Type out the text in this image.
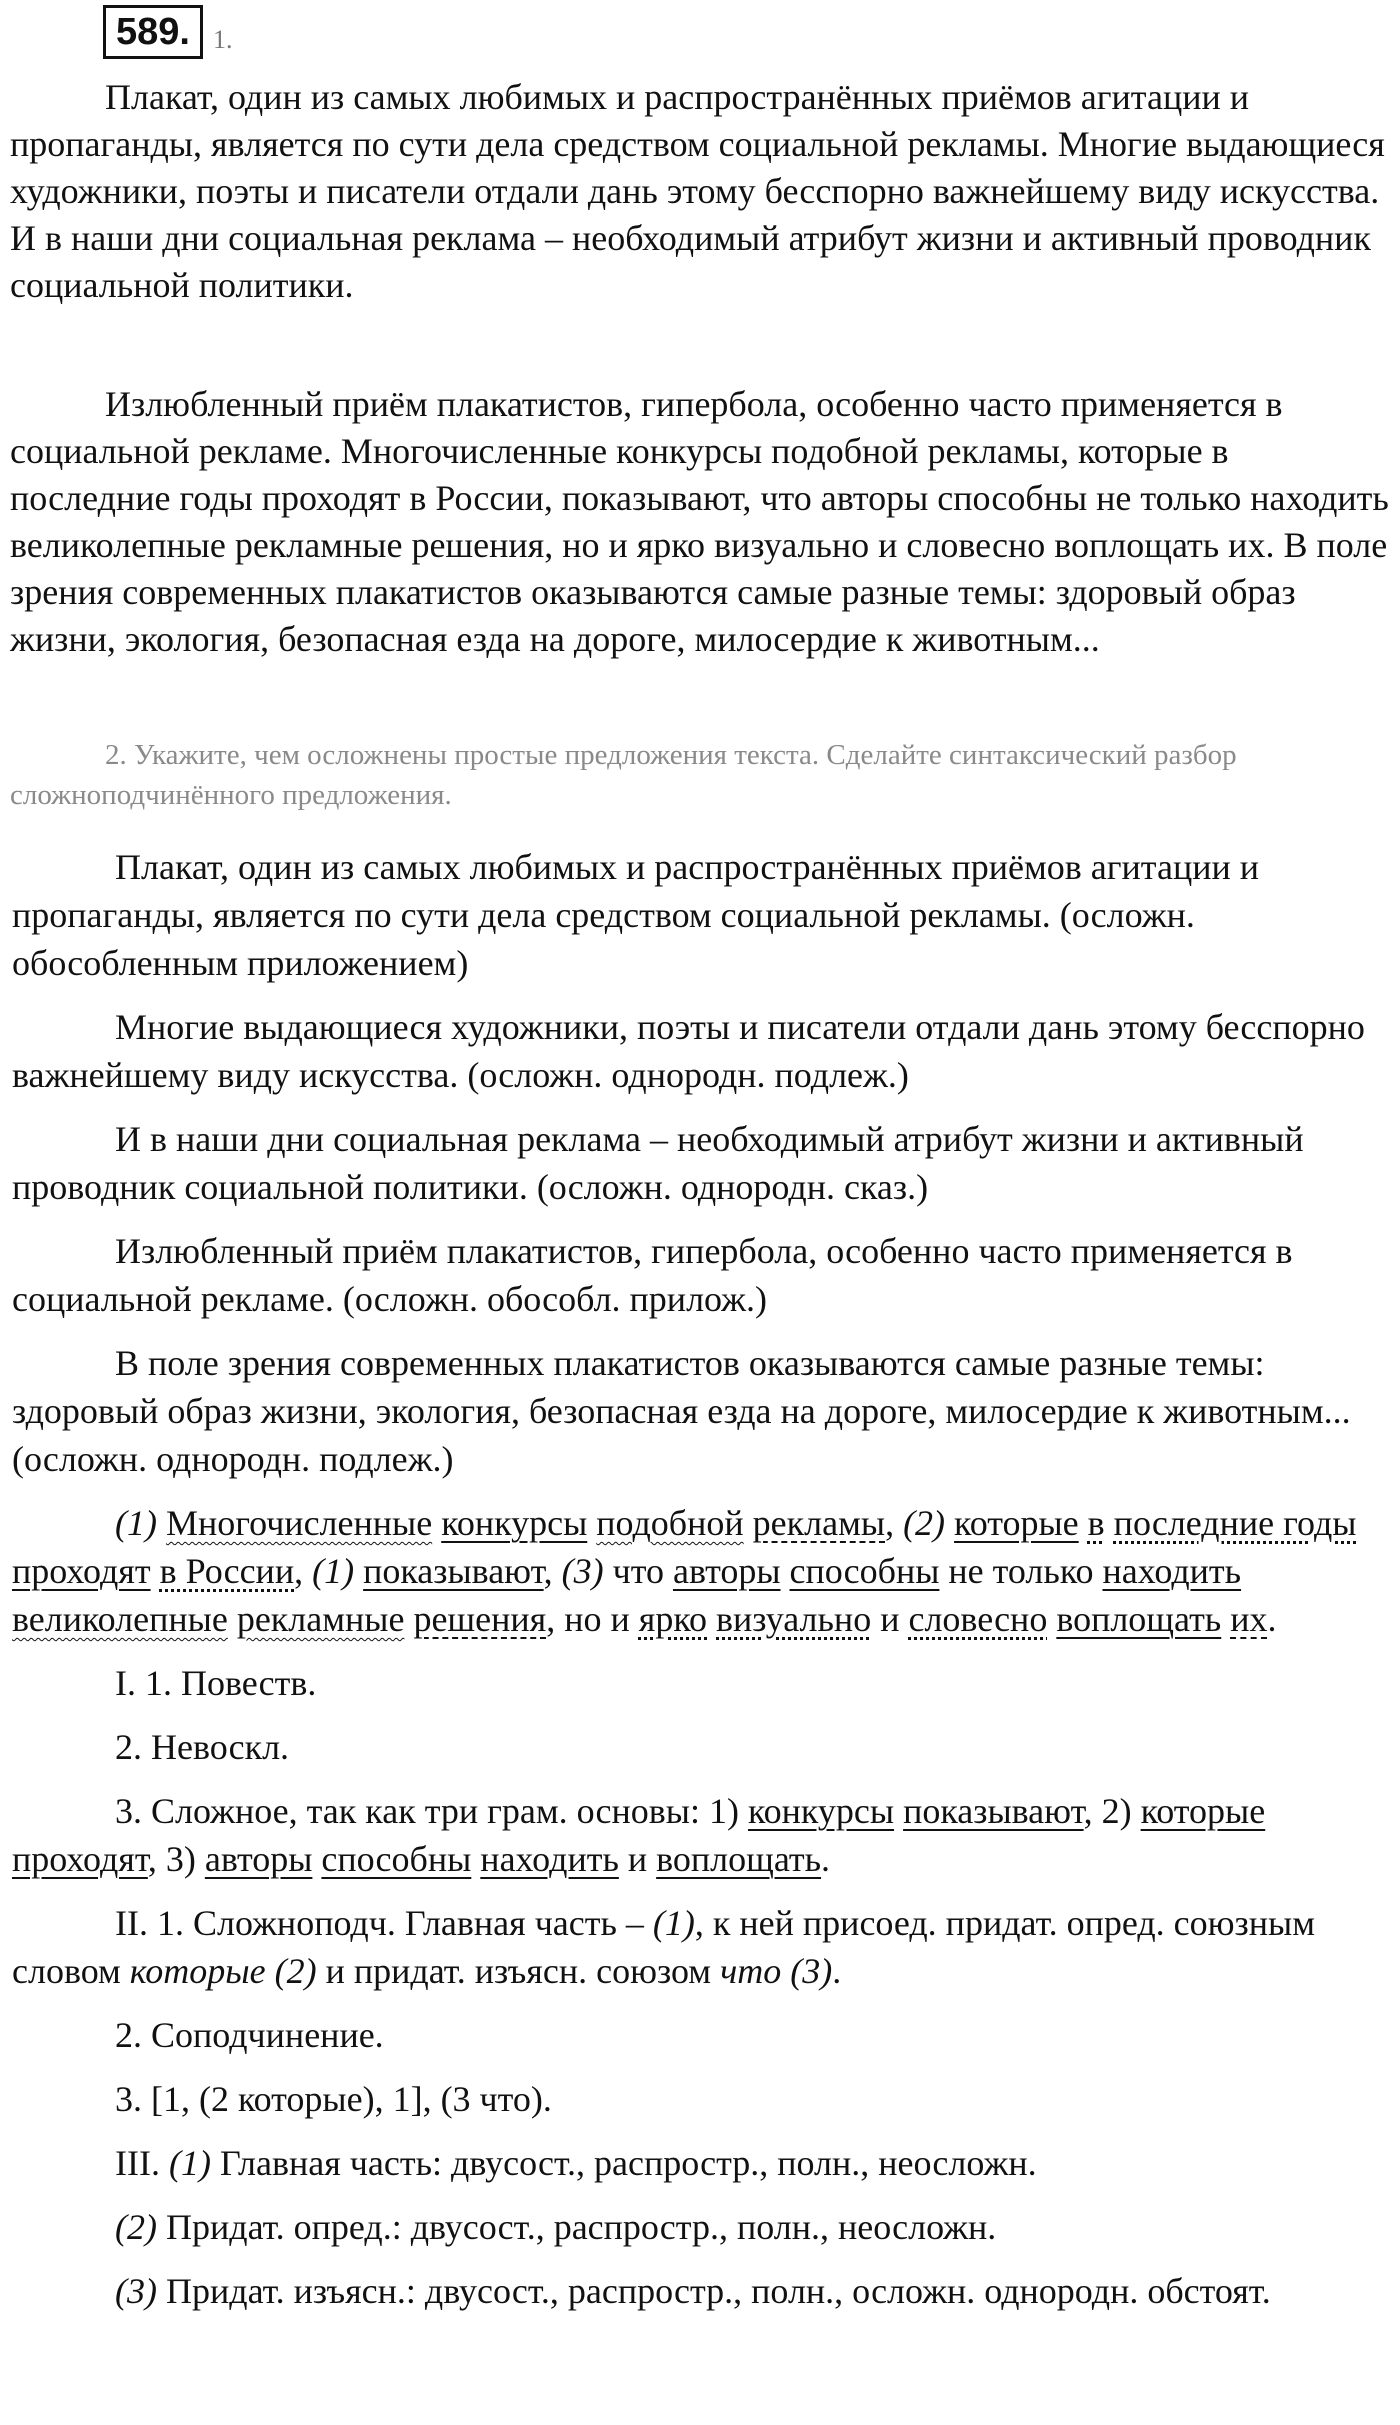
589. 1.

Плакат, один из самых любимых и распространённых приёмов агитации и пропаганды, является по сути дела средством социальной рекламы. Многие выдающиеся художники, поэты и писатели отдали дань этому бесспорно важнейшему виду искусства. И в наши дни социальная реклама – необходимый атрибут жизни и активный проводник социальной политики.

Излюбленный приём плакатистов, гипербола, особенно часто применяется в социальной рекламе. Многочисленные конкурсы подобной рекламы, которые в последние годы проходят в России, показывают, что авторы способны не только находить великолепные рекламные решения, но и ярко визуально и словесно воплощать их. В поле зрения современных плакатистов оказываются самые разные темы: здоровый образ жизни, экология, безопасная езда на дороге, милосердие к животным...

2. Укажите, чем осложнены простые предложения текста. Сделайте синтаксический разбор сложноподчинённого предложения.

Плакат, один из самых любимых и распространённых приёмов агитации и пропаганды, является по сути дела средством социальной рекламы. (осложн. обособленным приложением)

Многие выдающиеся художники, поэты и писатели отдали дань этому бесспорно важнейшему виду искусства. (осложн. однородн. подлеж.)

И в наши дни социальная реклама – необходимый атрибут жизни и активный проводник социальной политики. (осложн. однородн. сказ.)

Излюбленный приём плакатистов, гипербола, особенно часто применяется в социальной рекламе. (осложн. обособл. прилож.)

В поле зрения современных плакатистов оказываются самые разные темы: здоровый образ жизни, экология, безопасная езда на дороге, милосердие к животным... (осложн. однородн. подлеж.)

(1) Многочисленные конкурсы подобной рекламы, (2) которые в последние годы проходят в России, (1) показывают, (3) что авторы способны не только находить великолепные рекламные решения, но и ярко визуально и словесно воплощать их.

I. 1. Повеств.

2. Невоскл.

3. Сложное, так как три грам. основы: 1) конкурсы показывают, 2) которые проходят, 3) авторы способны находить и воплощать.

II. 1. Сложноподч. Главная часть – (1), к ней присоед. придат. опред. союзным словом которые (2) и придат. изъясн. союзом что (3).

2. Соподчинение.

3. [1, (2 которые), 1], (3 что).

III. (1) Главная часть: двусост., распростр., полн., неосложн.

(2) Придат. опред.: двусост., распростр., полн., неосложн.

(3) Придат. изъясн.: двусост., распростр., полн., осложн. однородн. обстоят.
